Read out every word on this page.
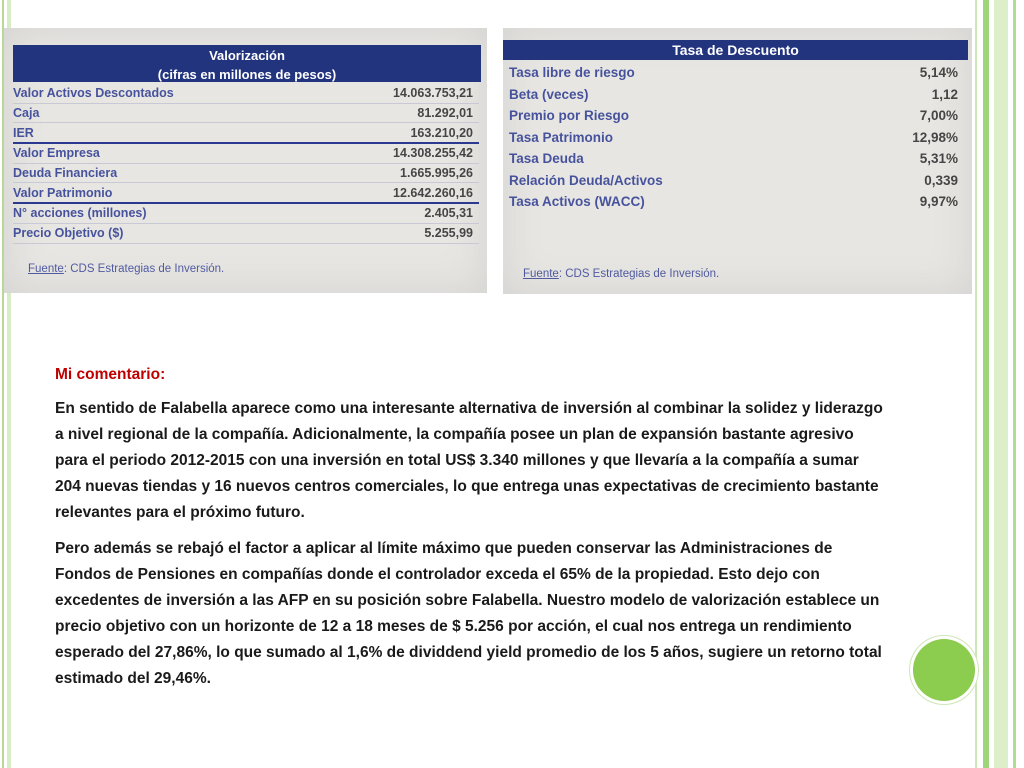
Valorización
(cifras en millones de pesos)
Valor Activos Descontados	14.063.753,21
Caja	81.292,01
IER	163.210,20
Valor Empresa	14.308.255,42
Deuda Financiera	1.665.995,26
Valor Patrimonio	12.642.260,16
N° acciones (millones)	2.405,31
Precio Objetivo ($)	5.255,99
Fuente: CDS Estrategias de Inversión.
Tasa de Descuento
Tasa libre de riesgo	5,14%
Beta (veces)	1,12
Premio por Riesgo	7,00%
Tasa Patrimonio	12,98%
Tasa Deuda	5,31%
Relación Deuda/Activos	0,339
Tasa Activos (WACC)	9,97%
Fuente: CDS Estrategias de Inversión.
Mi comentario:

En sentido de Falabella aparece como una interesante alternativa de inversión al combinar la solidez y liderazgo a nivel regional de la compañía. Adicionalmente, la compañía posee un plan de expansión bastante agresivo para el periodo 2012-2015 con una inversión en total US$ 3.340 millones y que llevaría a la compañía a sumar 204 nuevas tiendas y 16 nuevos centros comerciales, lo que entrega unas expectativas de crecimiento bastante relevantes para el próximo futuro.

Pero además se rebajó el factor a aplicar al límite máximo que pueden conservar las Administraciones de Fondos de Pensiones en compañías donde el controlador exceda el 65% de la propiedad. Esto dejo con excedentes de inversión a las AFP en su posición sobre Falabella. Nuestro modelo de valorización establece un precio objetivo con un horizonte de 12 a 18 meses de $ 5.256 por acción, el cual nos entrega un rendimiento esperado del 27,86%, lo que sumado al 1,6% de dividdend yield promedio de los 5 años, sugiere un retorno total estimado del 29,46%.
